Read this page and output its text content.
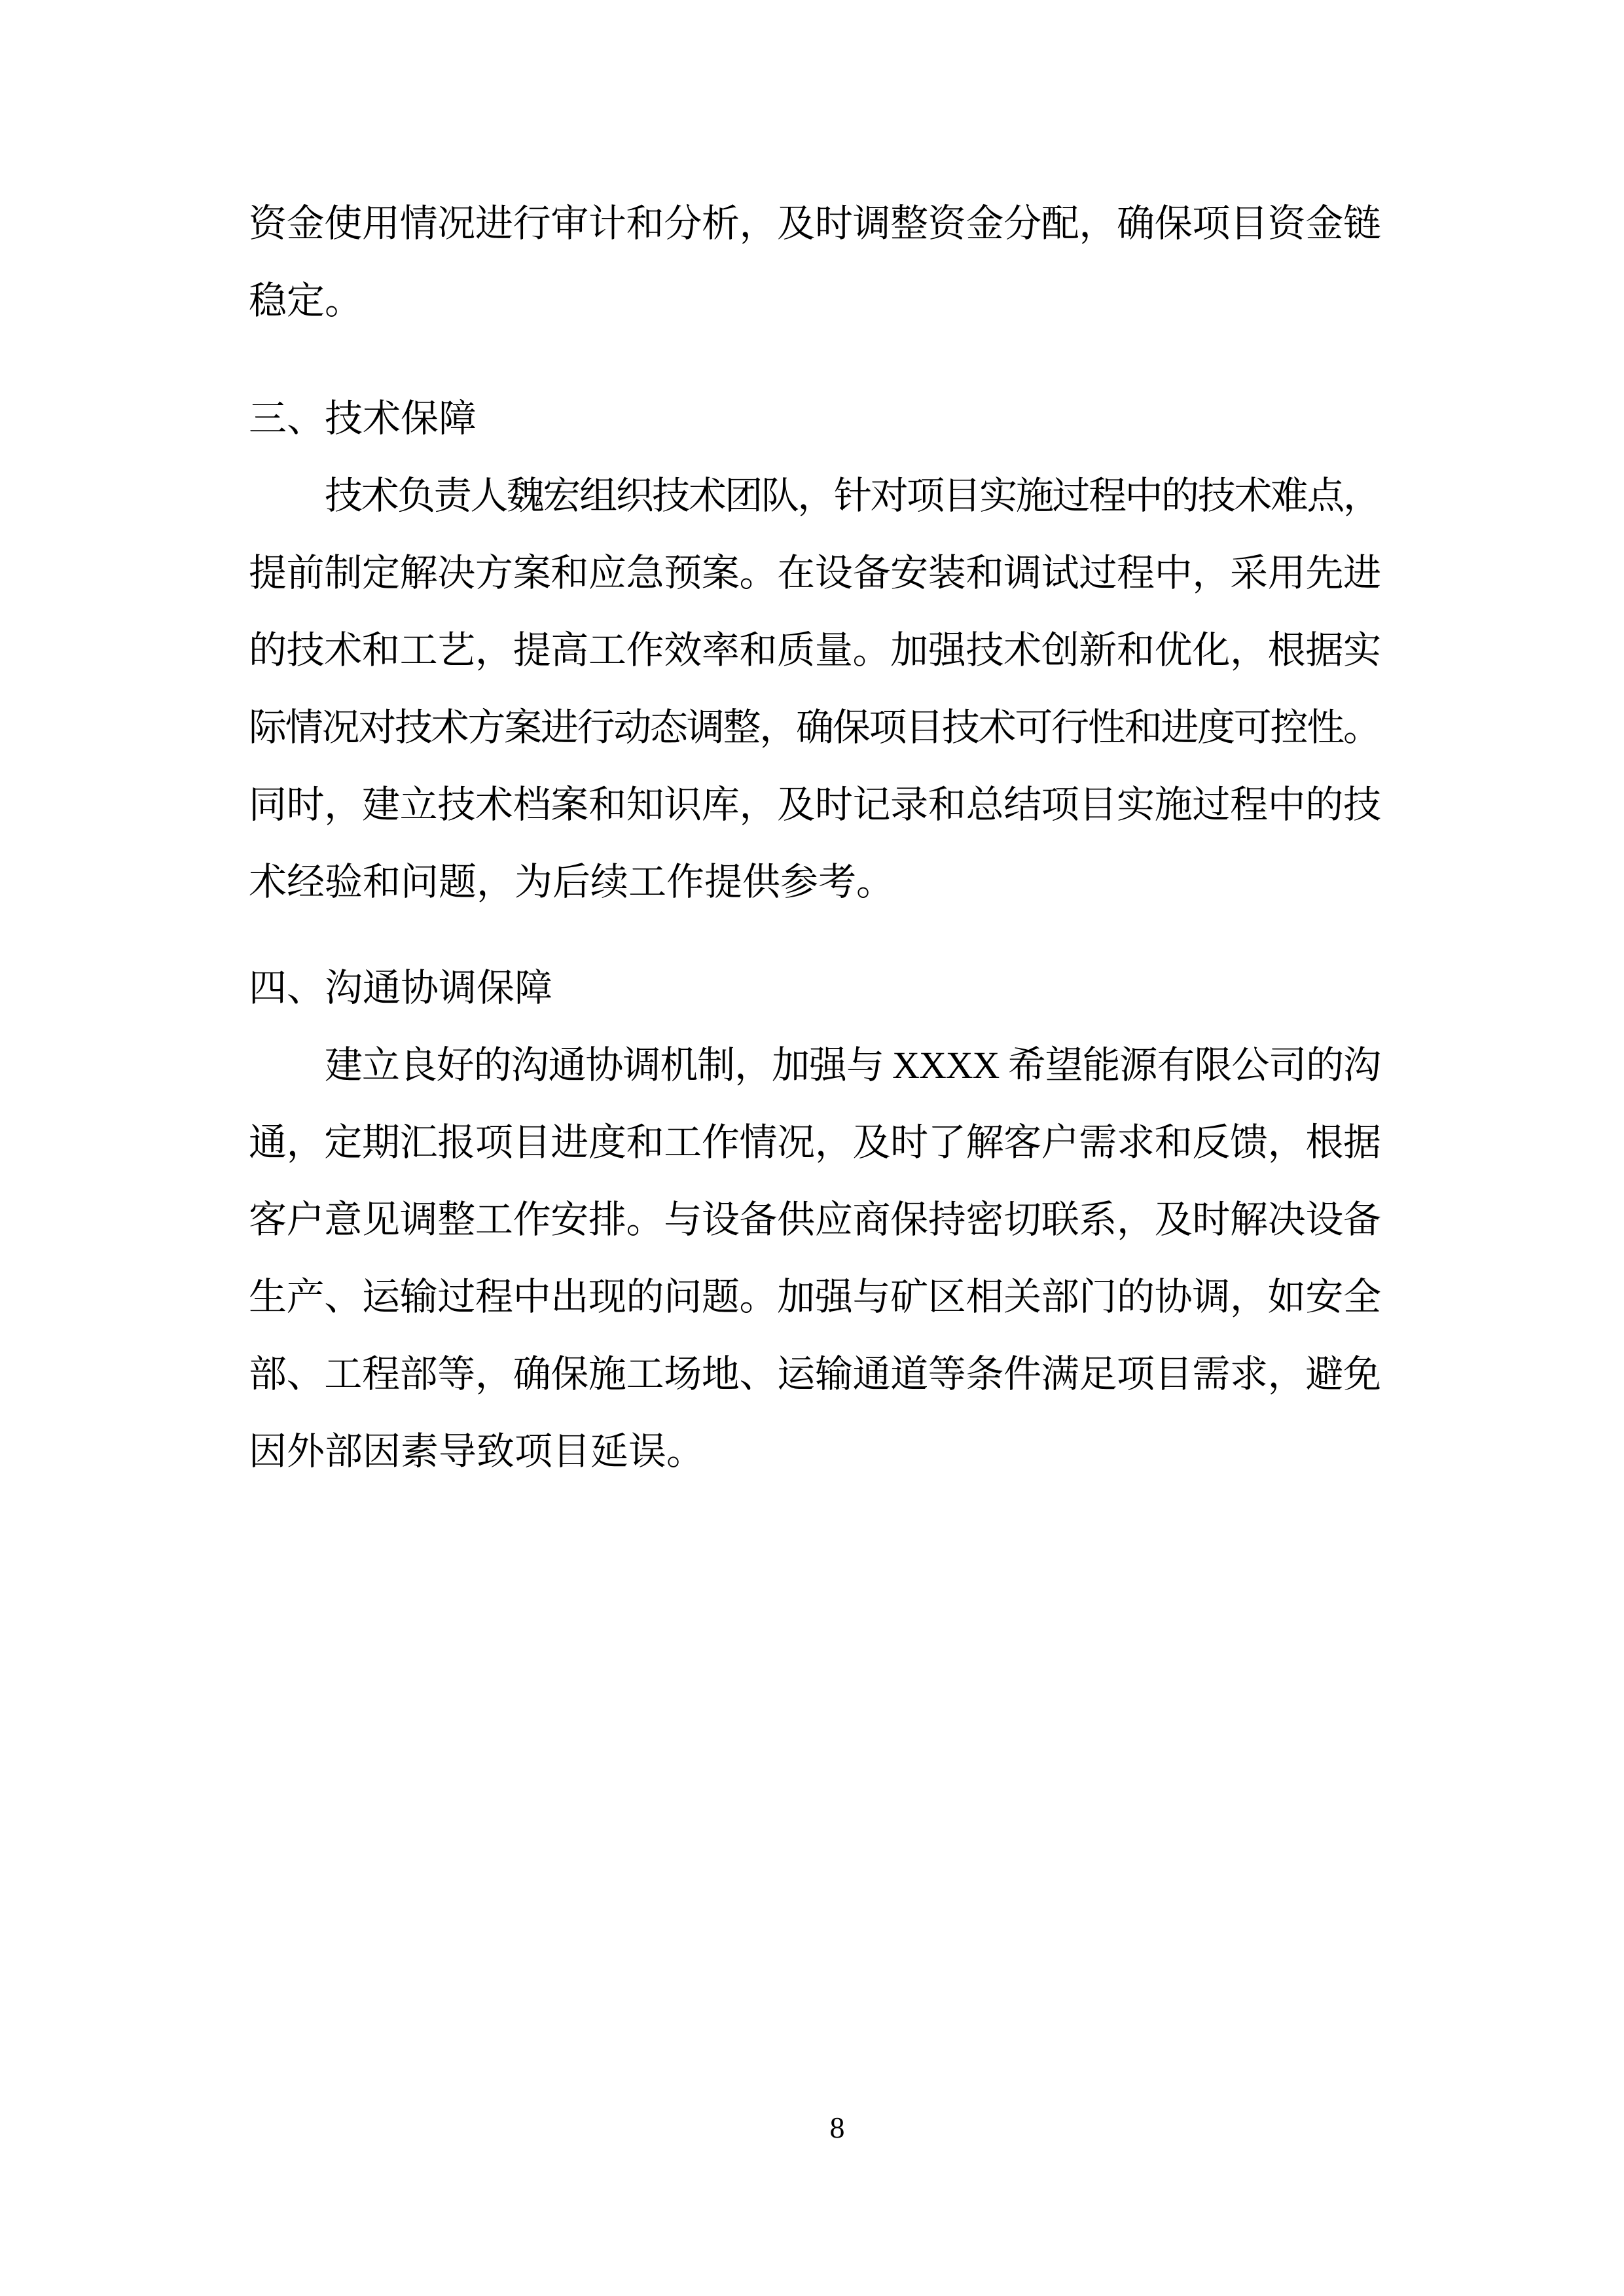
资金使用情况进行审计和分析，及时调整资金分配，确保项目资金链
稳定。
三、技术保障
技术负责人魏宏组织技术团队，针对项目实施过程中的技术难点，
提前制定解决方案和应急预案。在设备安装和调试过程中，采用先进
的技术和工艺，提高工作效率和质量。加强技术创新和优化，根据实
际情况对技术方案进行动态调整，确保项目技术可行性和进度可控性。
同时，建立技术档案和知识库，及时记录和总结项目实施过程中的技
术经验和问题，为后续工作提供参考。
四、沟通协调保障
建立良好的沟通协调机制，加强与 XXXX 希望能源有限公司的沟
通，定期汇报项目进度和工作情况，及时了解客户需求和反馈，根据
客户意见调整工作安排。与设备供应商保持密切联系，及时解决设备
生产、运输过程中出现的问题。加强与矿区相关部门的协调，如安全
部、工程部等，确保施工场地、运输通道等条件满足项目需求，避免
因外部因素导致项目延误。
8
